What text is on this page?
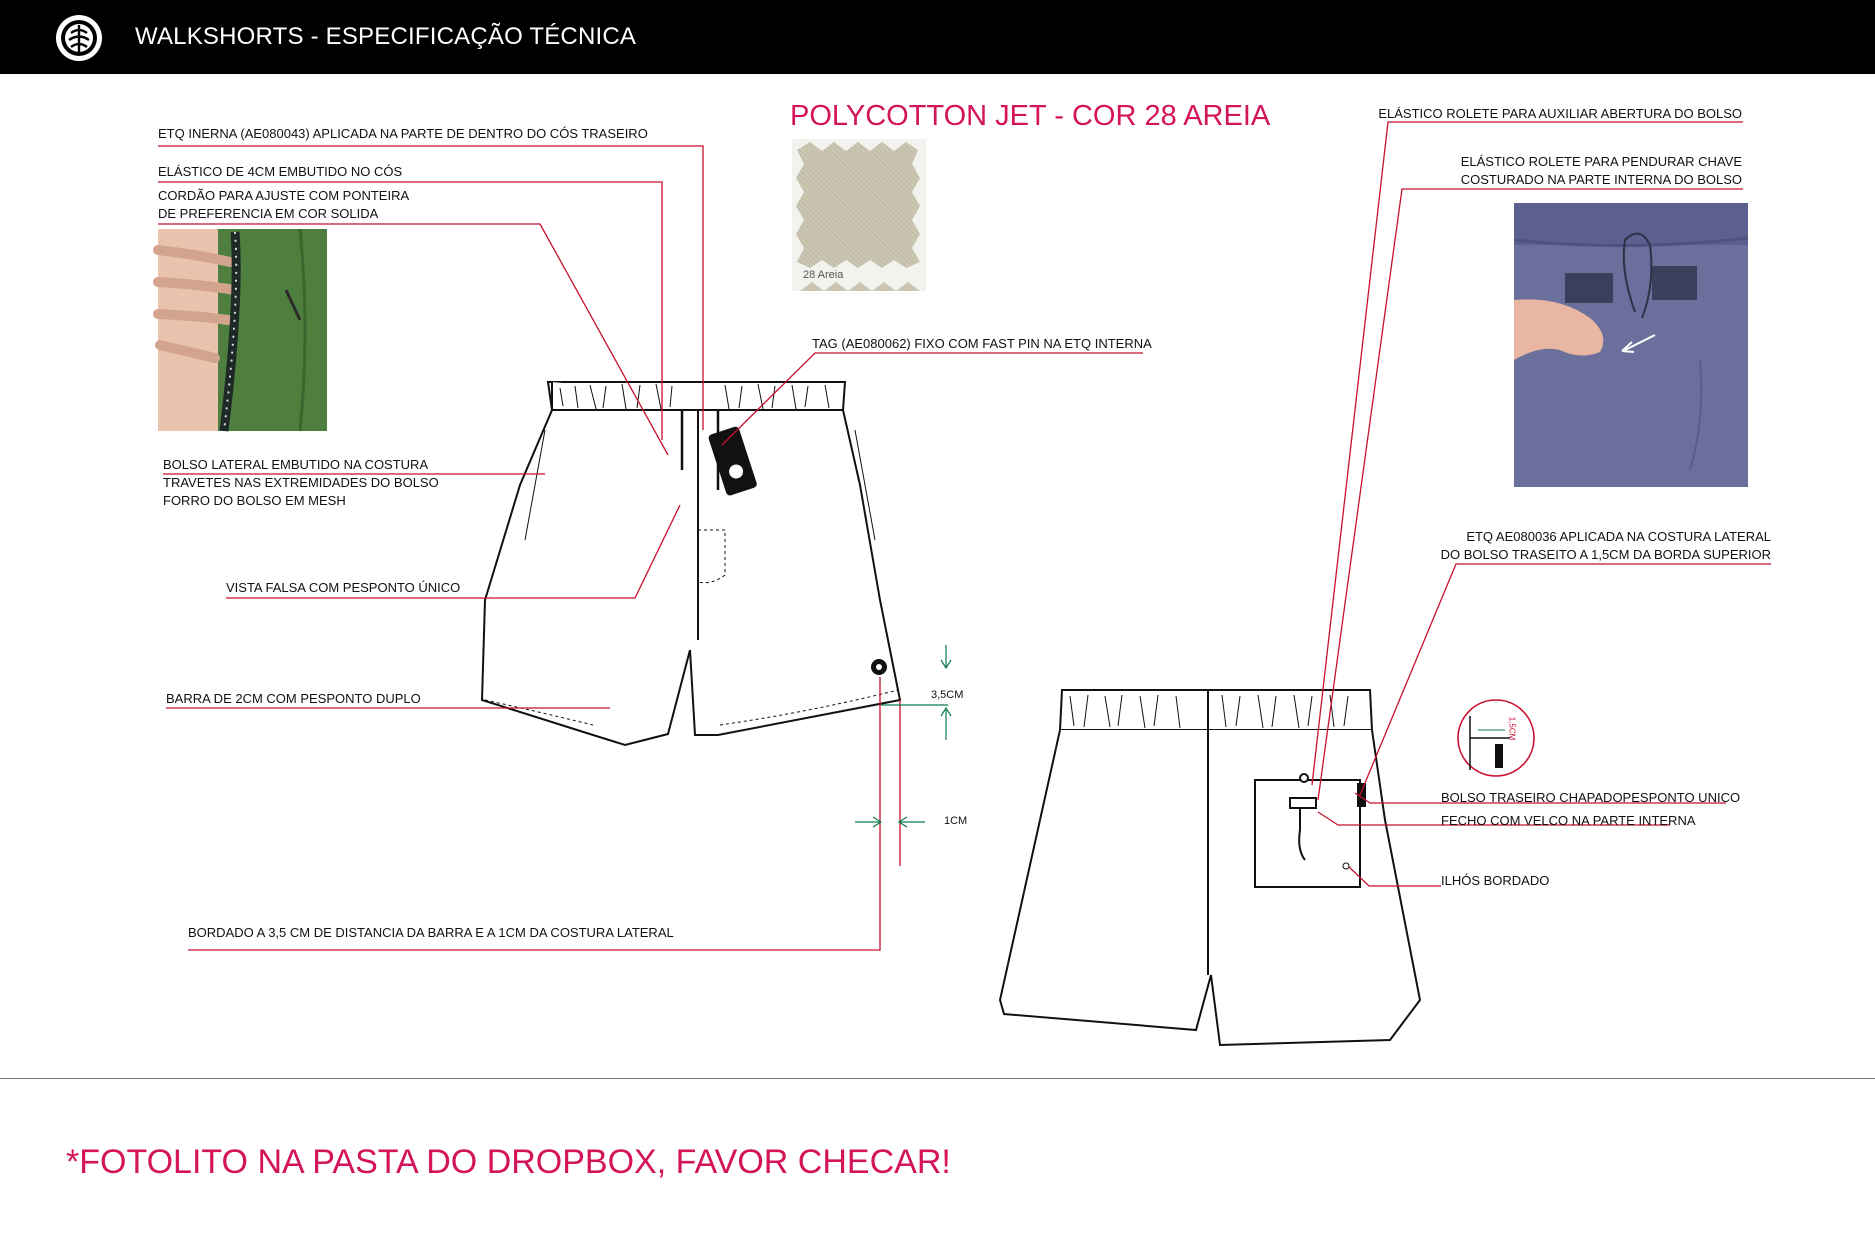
WALKSHORTS - ESPECIFICAÇÃO TÉCNICA
POLYCOTTON JET - COR 28 AREIA
28 Areia
ETQ INERNA (AE080043) APLICADA NA PARTE DE DENTRO DO CÓS TRASEIRO
ELÁSTICO DE 4CM EMBUTIDO NO CÓS
CORDÃO PARA AJUSTE COM PONTEIRA
DE PREFERENCIA EM COR SOLIDA
TAG (AE080062) FIXO COM FAST PIN NA ETQ INTERNA
BOLSO LATERAL EMBUTIDO NA COSTURA
TRAVETES NAS EXTREMIDADES DO BOLSO
FORRO DO BOLSO EM MESH
VISTA FALSA COM PESPONTO ÚNICO
BARRA DE 2CM COM PESPONTO DUPLO
BORDADO A 3,5 CM DE DISTANCIA DA BARRA E A 1CM DA COSTURA LATERAL
3,5CM
1CM
1,5CM
ELÁSTICO ROLETE PARA AUXILIAR ABERTURA DO BOLSO
ELÁSTICO ROLETE PARA PENDURAR CHAVE
COSTURADO NA PARTE INTERNA DO BOLSO
ETQ AE080036 APLICADA NA COSTURA LATERAL
DO BOLSO TRASEITO A 1,5CM DA BORDA SUPERIOR
BOLSO TRASEIRO CHAPADOPESPONTO UNICO
FECHO COM VELCO NA PARTE INTERNA
ILHÓS BORDADO
*FOTOLITO NA PASTA DO DROPBOX, FAVOR CHECAR!
